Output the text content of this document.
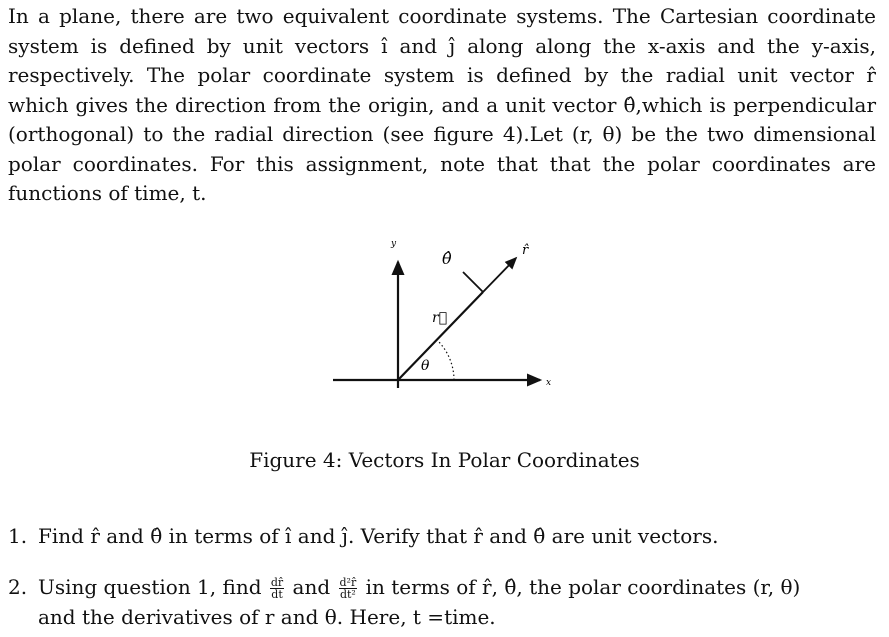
In a plane, there are two equivalent coordinate systems. The Cartesian coordinate
system is defined by unit vectors î and ĵ along along the x-axis and the y-axis,
respectively. The polar coordinate system is defined by the radial unit vector r̂
which gives the direction from the origin, and a unit vector θ̂,which is perpendicular
(orthogonal) to the radial direction (see figure 4).Let (r, θ) be the two dimensional
polar coordinates. For this assignment, note that that the polar coordinates are
functions of time, t.

y
x
θ̂	r̂
r⃗
θ
Figure 4: Vectors In Polar Coordinates
1. Find r̂ and θ̂ in terms of î and ĵ. Verify that r̂ and θ̂ are unit vectors.
2. Using question 1, find $\frac{dr̂}{dt}$ and $\frac{\text{d²r̂}}{\text{dt²}}$ in terms of r̂, θ̂, the polar coordinates (r, θ)
and the derivatives of r and θ. Here, t =time.
